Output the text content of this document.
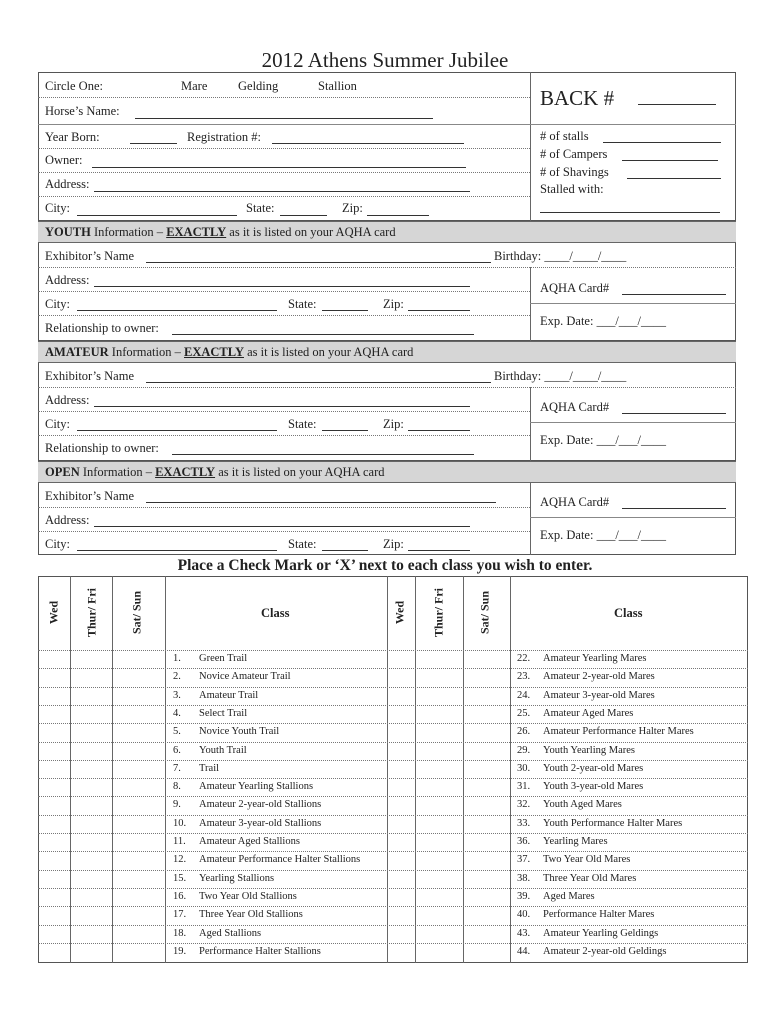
2012 Athens Summer Jubilee
Circle One:	Mare Gelding	Stallion
Horse’s Name:
Year Born:	Registration #:
Owner:
Address:
City:	State:	Zip:
BACK #
# of stalls
# of Campers
# of Shavings
Stalled with:
YOUTH Information – EXACTLY as it is listed on your AQHA card
Exhibitor’s Name	Birthday: ____/____/____
Address:
City:	State:	Zip:
Relationship to owner:
AQHA Card#
Exp. Date: ___/___/____
AMATEUR Information – EXACTLY as it is listed on your AQHA card
Exhibitor’s Name	Birthday: ____/____/____
Address:
City:	State:	Zip:
Relationship to owner:
AQHA Card#
Exp. Date: ___/___/____
OPEN Information – EXACTLY as it is listed on your AQHA card
Exhibitor’s Name
Address:
City:	State:	Zip:
AQHA Card#
Exp. Date: ___/___/____
Place a Check Mark or ‘X’ next to each class you wish to enter.
Wed Thur/ Fri	Sat/ Sun	Class	Wed Thur/ Fri	Sat/ Sun	Class
1. Green Trail	22. Amateur Yearling Mares
2. Novice Amateur Trail	23. Amateur 2-year-old Mares
3. Amateur Trail	24. Amateur 3-year-old Mares
4. Select Trail	25. Amateur Aged Mares
5. Novice Youth Trail	26. Amateur Performance Halter Mares
6. Youth Trail	29. Youth Yearling Mares
7. Trail	30. Youth 2-year-old Mares
8. Amateur Yearling Stallions	31. Youth 3-year-old Mares
9. Amateur 2-year-old Stallions	32. Youth Aged Mares
10. Amateur 3-year-old Stallions	33. Youth Performance Halter Mares
11. Amateur Aged Stallions	36. Yearling Mares
12. Amateur Performance Halter Stallions	37. Two Year Old Mares
15. Yearling Stallions	38. Three Year Old Mares
16. Two Year Old Stallions	39. Aged Mares
17. Three Year Old Stallions	40. Performance Halter Mares
18. Aged Stallions	43. Amateur Yearling Geldings
19. Performance Halter Stallions	44. Amateur 2-year-old Geldings
